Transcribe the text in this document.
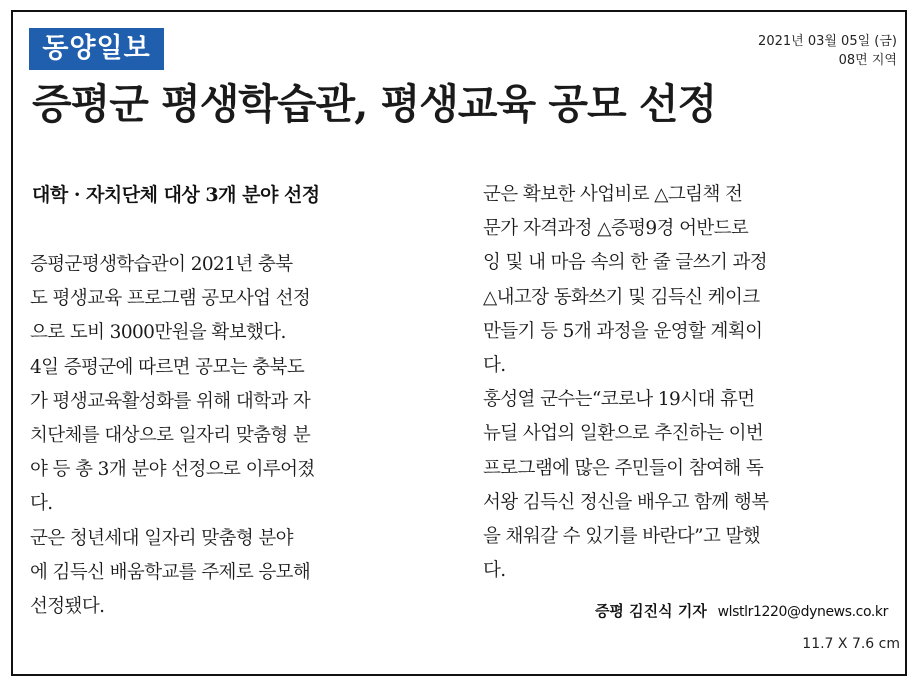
동양일보	2021년 03월 05일 (금)
08면 지역
증평군 평생학습관, 평생교육 공모 선정
대학 · 자치단체 대상 3개 분야 선정
증평군평생학습관이 2021년 충북
도 평생교육 프로그램 공모사업 선정
으로 도비 3000만원을 확보했다.
4일 증평군에 따르면 공모는 충북도
가 평생교육활성화를 위해 대학과 자
치단체를 대상으로 일자리 맞춤형 분
야 등 총 3개 분야 선정으로 이루어졌
다.
군은 청년세대 일자리 맞춤형 분야
에 김득신 배움학교를 주제로 응모해
선정됐다.
군은 확보한 사업비로 △그림책 전
문가 자격과정 △증평9경 어반드로
잉 및 내 마음 속의 한 줄 글쓰기 과정
△내고장 동화쓰기 및 김득신 케이크
만들기 등 5개 과정을 운영할 계획이
다.
홍성열 군수는“코로나 19시대 휴먼
뉴딜 사업의 일환으로 추진하는 이번
프로그램에 많은 주민들이 참여해 독
서왕 김득신 정신을 배우고 함께 행복
을 채워갈 수 있기를 바란다”고 말했
다.
증평 김진식 기자 wlstlr1220@dynews.co.kr
11.7 X 7.6 cm
